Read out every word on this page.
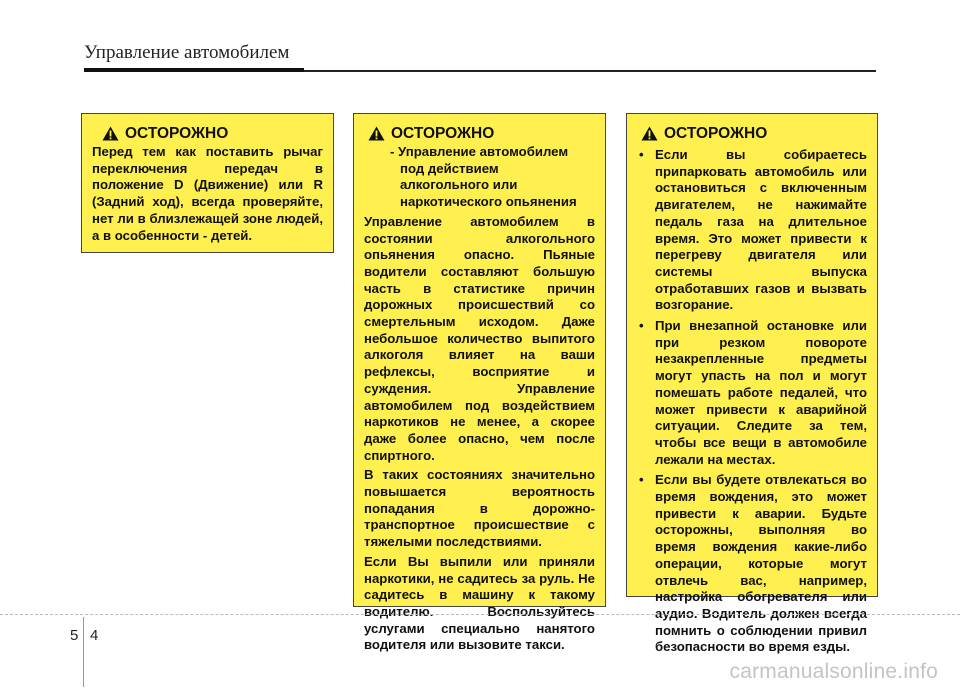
Управление автомобилем
ОСТОРОЖНО
Перед тем как поставить рычаг переключения передач в положение D (Движение) или R (Задний ход), всегда проверяйте, нет ли в близлежащей зоне людей, а в особенности - детей.
ОСТОРОЖНО
- Управление автомобилем
под действием
алкогольного или
наркотического опьянения

Управление автомобилем в состоянии алкогольного опьянения опасно. Пьяные водители составляют большую часть в статистике причин дорожных происшествий со смертельным исходом. Даже небольшое количество выпитого алкоголя влияет на ваши рефлексы, восприятие и суждения. Управление автомобилем под воздействием наркотиков не менее, а скорее даже более опасно, чем после спиртного.

В таких состояниях значительно повышается вероятность попадания в дорожно-транспортное происшествие с тяжелыми последствиями.

Если Вы выпили или приняли наркотики, не садитесь за руль. Не садитесь в машину к такому водителю. Воспользуйтесь услугами специально нанятого водителя или вызовите такси.

ОСТОРОЖНО
• Если вы собираетесь припарковать автомобиль или остановиться с включенным двигателем, не нажимайте педаль газа на длительное время. Это может привести к перегреву двигателя или системы выпуска отработавших газов и вызвать возгорание.
• При внезапной остановке или при резком повороте незакрепленные предметы могут упасть на пол и могут помешать работе педалей, что может привести к аварийной ситуации. Следите за тем, чтобы все вещи в автомобиле лежали на местах.
• Если вы будете отвлекаться во время вождения, это может привести к аварии. Будьте осторожны, выполняя во время вождения какие-либо операции, которые могут отвлечь вас, например, настройка обогревателя или аудио. Водитель должен всегда помнить о соблюдении привил безопасности во время езды.
5 4
carmanualsonline.info
